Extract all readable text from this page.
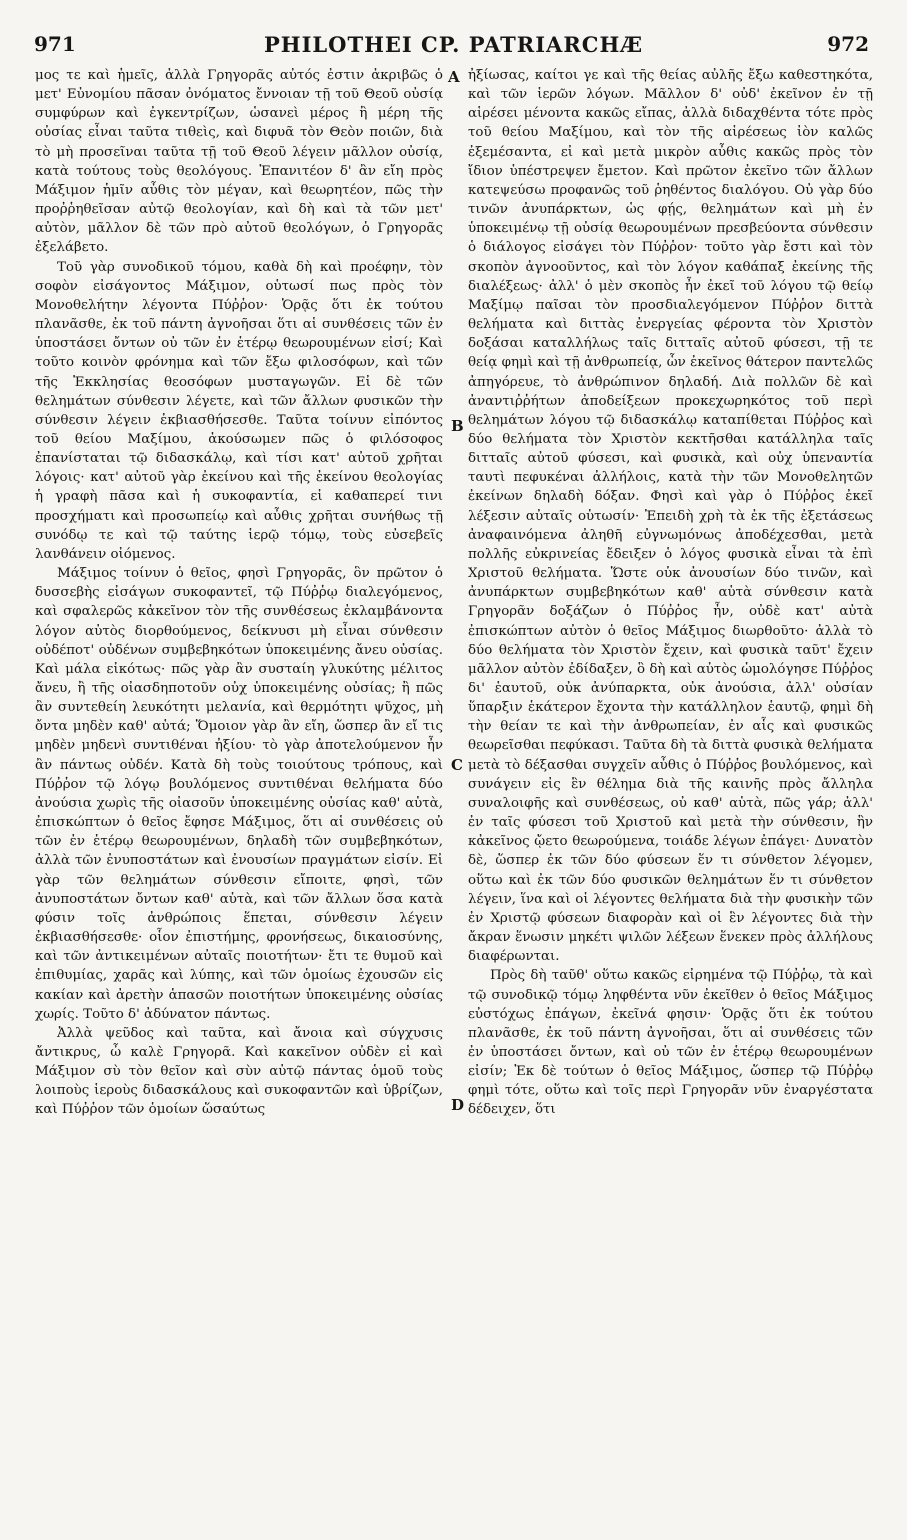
971	PHILOTHEI CP. PATRIARCHÆ	972

μος τε καὶ ἡμεῖς, ἀλλὰ Γρηγορᾶς αὐτός ἐστιν ἀκριβῶς ὁ μετ' Εὐνομίου πᾶσαν ὀνόματος ἔννοιαν τῇ τοῦ Θεοῦ οὐσίᾳ συμφύρων καὶ ἐγκεντρίζων, ὡσανεὶ μέρος ἢ μέρη τῆς οὐσίας εἶναι ταῦτα τιθεὶς, καὶ διφυᾶ τὸν Θεὸν ποιῶν, διὰ τὸ μὴ προσεῖναι ταῦτα τῇ τοῦ Θεοῦ λέγειν μᾶλλον οὐσίᾳ, κατὰ τούτους τοὺς θεολόγους. Ἐπανιτέον δ' ἂν εἴη πρὸς Μάξιμον ἡμῖν αὖθις τὸν μέγαν, καὶ θεωρητέον, πῶς τὴν προῤῥηθεῖσαν αὐτῷ θεολογίαν, καὶ δὴ καὶ τὰ τῶν μετ' αὐτὸν, μᾶλλον δὲ τῶν πρὸ αὐτοῦ θεολόγων, ὁ Γρηγορᾶς ἐξελάβετο.

Τοῦ γὰρ συνοδικοῦ τόμου, καθὰ δὴ καὶ προέφην, τὸν σοφὸν εἰσάγοντος Μάξιμον, οὑτωσί πως πρὸς τὸν Μονοθελήτην λέγοντα Πύῤῥον· Ὁρᾷς ὅτι ἐκ τούτου πλανᾶσθε, ἐκ τοῦ πάντη ἀγνοῆσαι ὅτι αἱ συνθέσεις τῶν ἐν ὑποστάσει ὄντων οὐ τῶν ἐν ἑτέρῳ θεωρουμένων εἰσί; Καὶ τοῦτο κοινὸν φρόνημα καὶ τῶν ἔξω φιλοσόφων, καὶ τῶν τῆς Ἐκκλησίας θεοσόφων μυσταγωγῶν. Εἰ δὲ τῶν θελημάτων σύνθεσιν λέγετε, καὶ τῶν ἄλλων φυσικῶν τὴν σύνθεσιν λέγειν ἐκβιασθήσεσθε. Ταῦτα τοίνυν εἰπόντος τοῦ θείου Μαξίμου, ἀκούσωμεν πῶς ὁ φιλόσοφος ἐπανίσταται τῷ διδασκάλῳ, καὶ τίσι κατ' αὐτοῦ χρῆται λόγοις· κατ' αὐτοῦ γὰρ ἐκείνου καὶ τῆς ἐκείνου θεολογίας ἡ γραφὴ πᾶσα καὶ ἡ συκοφαντία, εἰ καθαπερεί τινι προσχήματι καὶ προσωπείῳ καὶ αὖθις χρῆται συνήθως τῇ συνόδῳ τε καὶ τῷ ταύτης ἱερῷ τόμῳ, τοὺς εὐσεβεῖς λανθάνειν οἰόμενος.

Μάξιμος τοίνυν ὁ θεῖος, φησὶ Γρηγορᾶς, ὃν πρῶτον ὁ δυσσεβὴς εἰσάγων συκοφαντεῖ, τῷ Πύῤῥῳ διαλεγόμενος, καὶ σφαλερῶς κἀκεῖνον τὸν τῆς συνθέσεως ἐκλαμβάνοντα λόγον αὐτὸς διορθούμενος, δείκνυσι μὴ εἶναι σύνθεσιν οὐδέποτ' οὐδένων συμβεβηκότων ὑποκειμένης ἄνευ οὐσίας. Καὶ μάλα εἰκότως· πῶς γὰρ ἂν συσταίη γλυκύτης μέλιτος ἄνευ, ἢ τῆς οἰασδηποτοῦν οὐχ ὑποκειμένης οὐσίας; ἢ πῶς ἂν συντεθείη λευκότητι μελανία, καὶ θερμότητι ψῦχος, μὴ ὄντα μηδὲν καθ' αὑτά; Ὅμοιον γὰρ ἂν εἴη, ὥσπερ ἂν εἴ τις μηδὲν μηδενὶ συντιθέναι ἠξίου· τὸ γὰρ ἀποτελούμενον ἦν ἂν πάντως οὐδέν. Κατὰ δὴ τοὺς τοιούτους τρόπους, καὶ Πύῤῥον τῷ λόγῳ βουλόμενος συντιθέναι θελήματα δύο ἀνούσια χωρὶς τῆς οἰασοῦν ὑποκειμένης οὐσίας καθ' αὑτὰ, ἐπισκώπτων ὁ θεῖος ἔφησε Μάξιμος, ὅτι αἱ συνθέσεις οὐ τῶν ἐν ἑτέρῳ θεωρουμένων, δηλαδὴ τῶν συμβεβηκότων, ἀλλὰ τῶν ἐνυποστάτων καὶ ἐνουσίων πραγμάτων εἰσίν. Εἰ γὰρ τῶν θελημάτων σύνθεσιν εἴποιτε, φησὶ, τῶν ἀνυποστάτων ὄντων καθ' αὑτὰ, καὶ τῶν ἄλλων ὅσα κατὰ φύσιν τοῖς ἀνθρώποις ἕπεται, σύνθεσιν λέγειν ἐκβιασθήσεσθε· οἷον ἐπιστήμης, φρονήσεως, δικαιοσύνης, καὶ τῶν ἀντικειμένων αὐταῖς ποιοτήτων· ἔτι τε θυμοῦ καὶ ἐπιθυμίας, χαρᾶς καὶ λύπης, καὶ τῶν ὁμοίως ἐχουσῶν εἰς κακίαν καὶ ἀρετὴν ἁπασῶν ποιοτήτων ὑποκειμένης οὐσίας χωρίς. Τοῦτο δ' ἀδύνατον πάντως.

Ἀλλὰ ψεῦδος καὶ ταῦτα, καὶ ἄνοια καὶ σύγχυσις ἄντικρυς, ὦ καλὲ Γρηγορᾶ. Καὶ κακεῖνον οὐδὲν εἰ καὶ Μάξιμον σὺ τὸν θεῖον καὶ σὺν αὐτῷ πάντας ὁμοῦ τοὺς λοιποὺς ἱεροὺς διδασκάλους καὶ συκοφαντῶν καὶ ὑβρίζων, καὶ Πύῤῥον τῶν ὁμοίων ὥσαύτως

ἠξίωσας, καίτοι γε καὶ τῆς θείας αὐλῆς ἔξω καθεστηκότα, καὶ τῶν ἱερῶν λόγων. Μᾶλλον δ' οὐδ' ἐκεῖνον ἐν τῇ αἱρέσει μένοντα κακῶς εἴπας, ἀλλὰ διδαχθέντα τότε πρὸς τοῦ θείου Μαξίμου, καὶ τὸν τῆς αἱρέσεως ἰὸν καλῶς ἐξεμέσαντα, εἰ καὶ μετὰ μικρὸν αὖθις κακῶς πρὸς τὸν ἴδιον ὑπέστρεψεν ἔμετον. Καὶ πρῶτον ἐκεῖνο τῶν ἄλλων κατεψεύσω προφανῶς τοῦ ῥηθέντος διαλόγου. Οὐ γὰρ δύο τινῶν ἀνυπάρκτων, ὡς φῄς, θελημάτων καὶ μὴ ἐν ὑποκειμένῳ τῇ οὐσίᾳ θεωρουμένων πρεσβεύοντα σύνθεσιν ὁ διάλογος εἰσάγει τὸν Πύῤῥον· τοῦτο γὰρ ἔστι καὶ τὸν σκοπὸν ἀγνοοῦντος, καὶ τὸν λόγον καθάπαξ ἐκείνης τῆς διαλέξεως· ἀλλ' ὁ μὲν σκοπὸς ἦν ἐκεῖ τοῦ λόγου τῷ θείῳ Μαξίμῳ παῖσαι τὸν προσδιαλεγόμενον Πύῤῥον διττὰ θελήματα καὶ διττὰς ἐνεργείας φέροντα τὸν Χριστὸν δοξάσαι καταλλήλως ταῖς διτταῖς αὐτοῦ φύσεσι, τῇ τε θείᾳ φημὶ καὶ τῇ ἀνθρωπείᾳ, ὧν ἐκεῖνος θάτερον παντελῶς ἀπηγόρευε, τὸ ἀνθρώπινον δηλαδή. Διὰ πολλῶν δὲ καὶ ἀναντιῤῥήτων ἀποδείξεων προκεχωρηκότος τοῦ περὶ θελημάτων λόγου τῷ διδασκάλῳ καταπίθεται Πύῤῥος καὶ δύο θελήματα τὸν Χριστὸν κεκτῆσθαι κατάλληλα ταῖς διτταῖς αὐτοῦ φύσεσι, καὶ φυσικὰ, καὶ οὐχ ὑπεναντία ταυτὶ πεφυκέναι ἀλλήλοις, κατὰ τὴν τῶν Μονοθελητῶν ἐκείνων δηλαδὴ δόξαν. Φησὶ καὶ γὰρ ὁ Πύῤῥος ἐκεῖ λέξεσιν αὐταῖς οὑτωσίν· Ἐπειδὴ χρὴ τὰ ἐκ τῆς ἐξετάσεως ἀναφαινόμενα ἀληθῆ εὐγνωμόνως ἀποδέχεσθαι, μετὰ πολλῆς εὐκρινείας ἔδειξεν ὁ λόγος φυσικὰ εἶναι τὰ ἐπὶ Χριστοῦ θελήματα. Ὥστε οὐκ ἀνουσίων δύο τινῶν, καὶ ἀνυπάρκτων συμβεβηκότων καθ' αὑτὰ σύνθεσιν κατὰ Γρηγορᾶν δοξάζων ὁ Πύῤῥος ἦν, οὐδὲ κατ' αὐτὰ ἐπισκώπτων αὐτὸν ὁ θεῖος Μάξιμος διωρθοῦτο· ἀλλὰ τὸ δύο θελήματα τὸν Χριστὸν ἔχειν, καὶ φυσικὰ ταῦτ' ἔχειν μᾶλλον αὐτὸν ἐδίδαξεν, ὃ δὴ καὶ αὐτὸς ὡμολόγησε Πύῤῥος δι' ἑαυτοῦ, οὐκ ἀνύπαρκτα, οὐκ ἀνούσια, ἀλλ' οὐσίαν ὕπαρξιν ἑκάτερον ἔχοντα τὴν κατάλληλον ἑαυτῷ, φημὶ δὴ τὴν θείαν τε καὶ τὴν ἀνθρωπείαν, ἐν αἷς καὶ φυσικῶς θεωρεῖσθαι πεφύκασι. Ταῦτα δὴ τὰ διττὰ φυσικὰ θελήματα μετὰ τὸ δέξασθαι συγχεῖν αὖθις ὁ Πύῤῥος βουλόμενος, καὶ συνάγειν εἰς ἓν θέλημα διὰ τῆς καινῆς πρὸς ἄλληλα συναλοιφῆς καὶ συνθέσεως, οὐ καθ' αὑτὰ, πῶς γάρ; ἀλλ' ἐν ταῖς φύσεσι τοῦ Χριστοῦ καὶ μετὰ τὴν σύνθεσιν, ἣν κἀκεῖνος ᾤετο θεωρούμενα, τοιάδε λέγων ἐπάγει· Δυνατὸν δὲ, ὥσπερ ἐκ τῶν δύο φύσεων ἕν τι σύνθετον λέγομεν, οὕτω καὶ ἐκ τῶν δύο φυσικῶν θελημάτων ἕν τι σύνθετον λέγειν, ἵνα καὶ οἱ λέγοντες θελήματα διὰ τὴν φυσικὴν τῶν ἐν Χριστῷ φύσεων διαφορὰν καὶ οἱ ἓν λέγοντες διὰ τὴν ἄκραν ἕνωσιν μηκέτι ψιλῶν λέξεων ἕνεκεν πρὸς ἀλλήλους διαφέρωνται.

Πρὸς δὴ ταῦθ' οὕτω κακῶς εἰρημένα τῷ Πύῤῥῳ, τὰ καὶ τῷ συνοδικῷ τόμῳ ληφθέντα νῦν ἐκεῖθεν ὁ θεῖος Μάξιμος εὐστόχως ἐπάγων, ἐκεῖνά φησιν· Ὁρᾷς ὅτι ἐκ τούτου πλανᾶσθε, ἐκ τοῦ πάντη ἀγνοῆσαι, ὅτι αἱ συνθέσεις τῶν ἐν ὑποστάσει ὄντων, καὶ οὐ τῶν ἐν ἑτέρῳ θεωρουμένων εἰσίν; Ἐκ δὲ τούτων ὁ θεῖος Μάξιμος, ὥσπερ τῷ Πύῤῥῳ φημὶ τότε, οὕτω καὶ τοῖς περὶ Γρηγορᾶν νῦν ἐναργέστατα δέδειχεν, ὅτι

A
B
C
D
